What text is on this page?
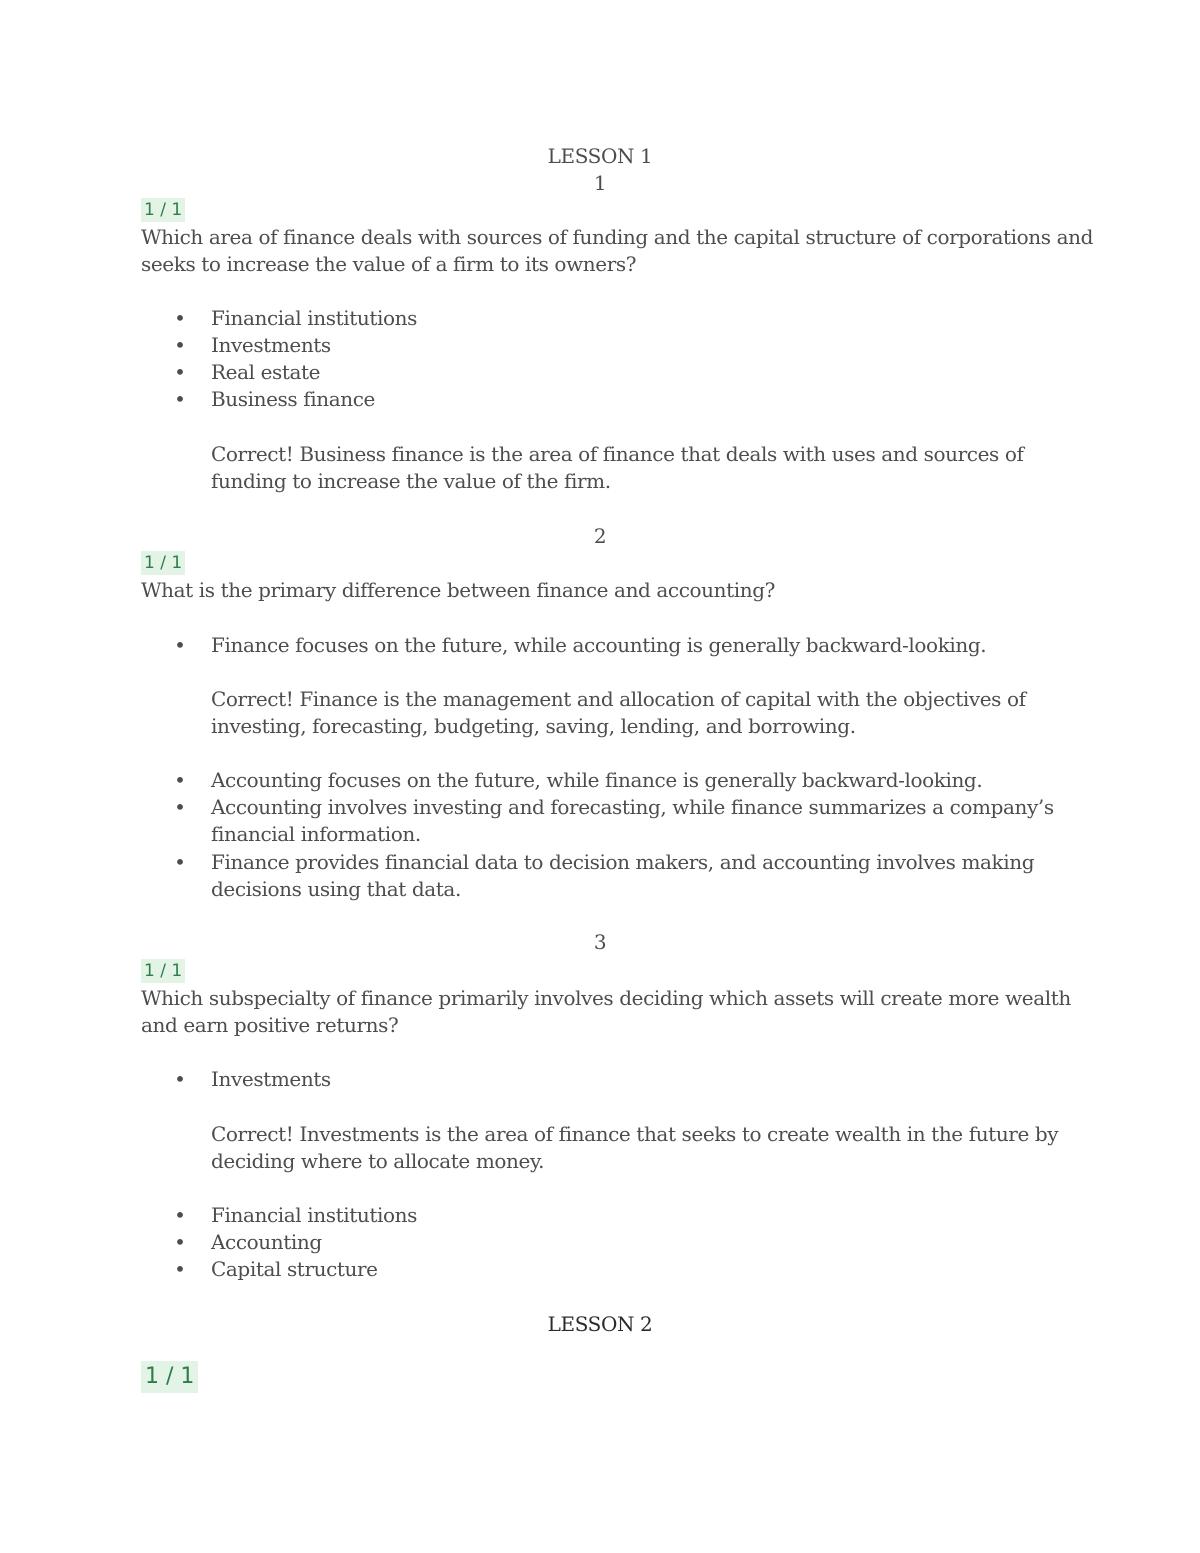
LESSON 1
1
1 / 1
Which area of finance deals with sources of funding and the capital structure of corporations and
seeks to increase the value of a firm to its owners?
• Financial institutions
• Investments
• Real estate
• Business finance
Correct! Business finance is the area of finance that deals with uses and sources of
funding to increase the value of the firm.
2
1 / 1
What is the primary difference between finance and accounting?
• Finance focuses on the future, while accounting is generally backward-looking.
Correct! Finance is the management and allocation of capital with the objectives of
investing, forecasting, budgeting, saving, lending, and borrowing.
• Accounting focuses on the future, while finance is generally backward-looking.
• Accounting involves investing and forecasting, while finance summarizes a company’s
financial information.
• Finance provides financial data to decision makers, and accounting involves making
decisions using that data.
3
1 / 1
Which subspecialty of finance primarily involves deciding which assets will create more wealth
and earn positive returns?
• Investments
Correct! Investments is the area of finance that seeks to create wealth in the future by
deciding where to allocate money.
• Financial institutions
• Accounting
• Capital structure
LESSON 2
1 / 1
